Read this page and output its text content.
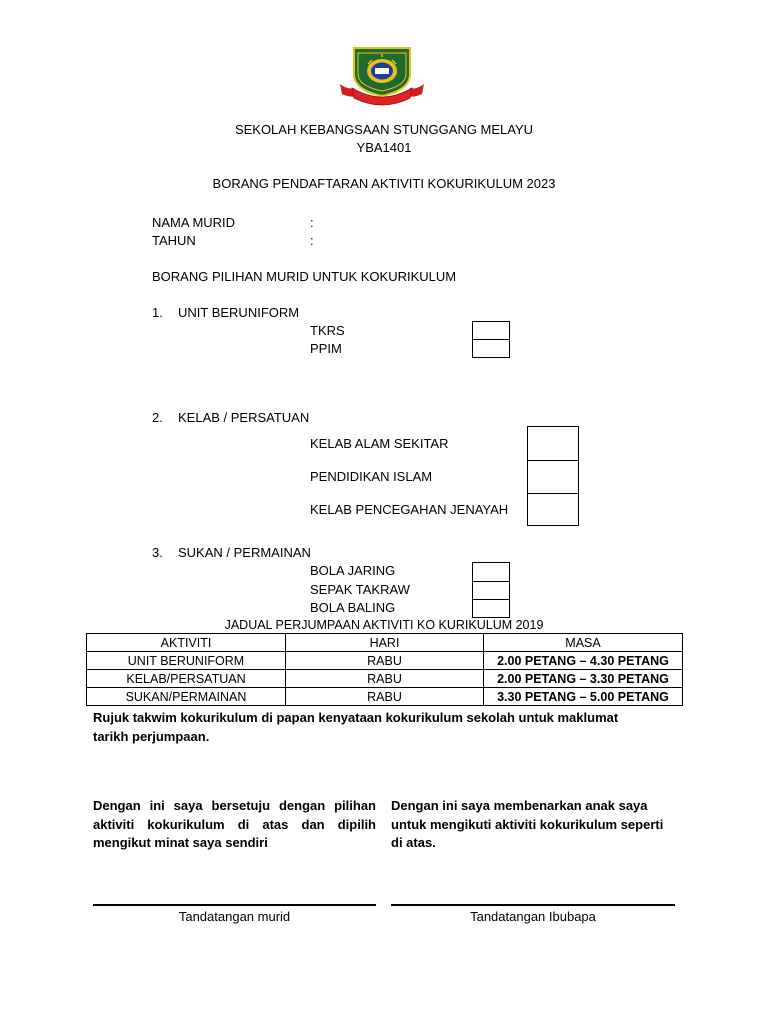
SEKOLAH KEBANGSAAN STUNGGANG MELAYU
YBA1401
BORANG PENDAFTARAN AKTIVITI KOKURIKULUM 2023
NAMA MURID	:
TAHUN	:
BORANG PILIHAN MURID UNTUK KOKURIKULUM
1. UNIT BERUNIFORM
TKRS
PPIM
2. KELAB / PERSATUAN
KELAB ALAM SEKITAR
PENDIDIKAN ISLAM
KELAB PENCEGAHAN JENAYAH
3. SUKAN / PERMAINAN
BOLA JARING
SEPAK TAKRAW
BOLA BALING
JADUAL PERJUMPAAN AKTIVITI KO KURIKULUM 2019
AKTIVITI	HARI	MASA
UNIT BERUNIFORM	RABU	2.00 PETANG – 4.30 PETANG
KELAB/PERSATUAN	RABU	2.00 PETANG – 3.30 PETANG
SUKAN/PERMAINAN	RABU	3.30 PETANG – 5.00 PETANG
Rujuk takwim kokurikulum di papan kenyataan kokurikulum sekolah untuk maklumat tarikh perjumpaan.
Dengan ini saya bersetuju dengan pilihan aktiviti kokurikulum di atas dan dipilih mengikut minat saya sendiri
Dengan ini saya membenarkan anak saya untuk mengikuti aktiviti kokurikulum seperti di atas.
Tandatangan murid	Tandatangan Ibubapa
